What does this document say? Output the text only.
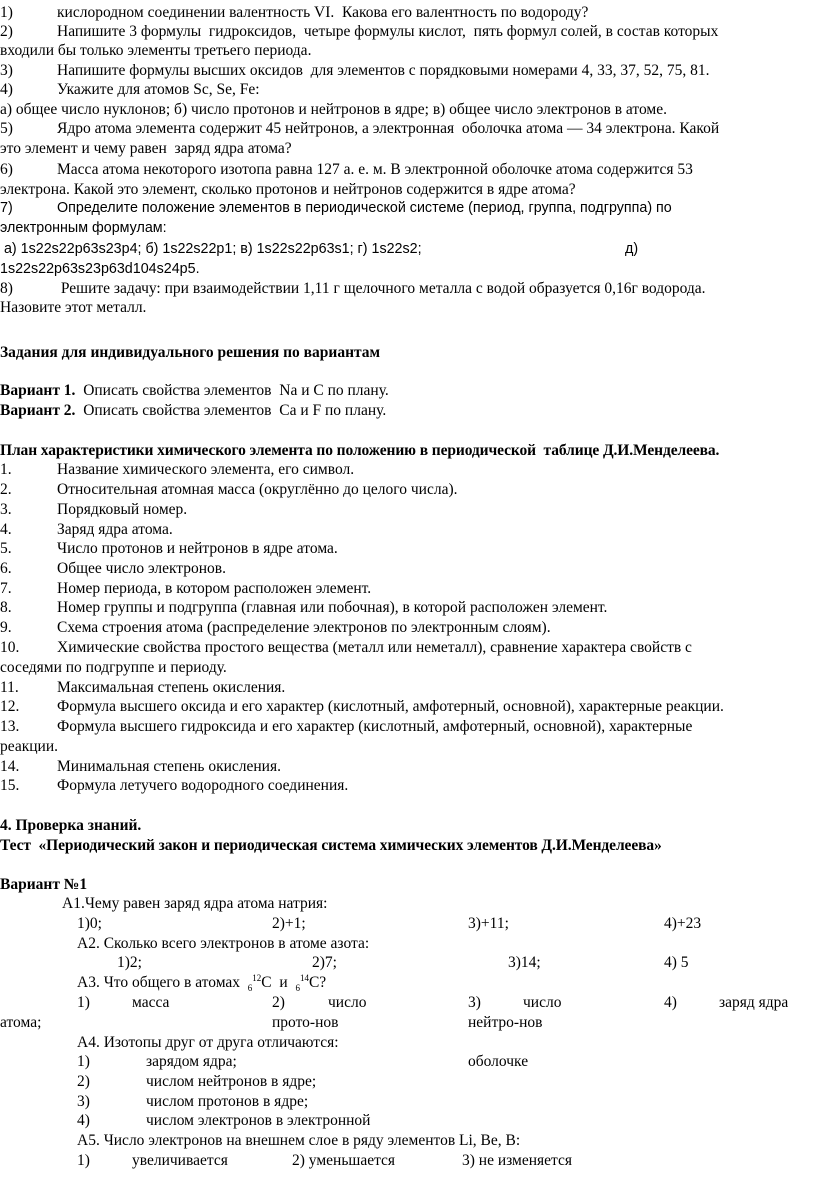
1)	кислородном соединении валентность VI.  Какова его валентность по водороду?
2)	Напишите 3 формулы  гидроксидов,  четыре формулы кислот,  пять формул солей, в состав которых
входили бы только элементы третьего периода.
3)	Напишите формулы высших оксидов  для элементов с порядковыми номерами 4, 33, 37, 52, 75, 81.
4)	Укажите для атомов Sc, Se, Fe:
а) общее число нуклонов; б) число протонов и нейтронов в ядре; в) общее число электронов в атоме.
5)	Ядро атома элемента содержит 45 нейтронов, а электронная  оболочка атома — 34 электрона. Какой
это элемент и чему равен  заряд ядра атома?
6)	Масса атома некоторого изотопа равна 127 а. е. м. В электронной оболочке атома содержится 53
электрона. Какой это элемент, сколько протонов и нейтронов содержится в ядре атома?
7)	Определите положение элементов в периодической системе (период, группа, подгруппа) по
электронным формулам:
а) 1s22s22p63s23p4; б) 1s22s22p1; в) 1s22s22p63s1; г) 1s22s2;	д)
1s22s22p63s23p63d104s24p5.
8)	Решите задачу: при взаимодействии 1,11 г щелочного металла с водой образуется 0,16г водорода.
Назовите этот металл.
Задания для индивидуального решения по вариантам
Вариант 1.  Описать свойства элементов  Na и C по плану.
Вариант 2.  Описать свойства элементов  Ca и F по плану.
План характеристики химического элемента по положению в периодической  таблице Д.И.Менделеева.
1.	Название химического элемента, его символ.
2.	Относительная атомная масса (округлённо до целого числа).
3.	Порядковый номер.
4.	Заряд ядра атома.
5.	Число протонов и нейтронов в ядре атома.
6.	Общее число электронов.
7.	Номер периода, в котором расположен элемент.
8.	Номер группы и подгруппа (главная или побочная), в которой расположен элемент.
9.	Схема строения атома (распределение электронов по электронным слоям).
10. Химические свойства простого вещества (металл или неметалл), сравнение характера свойств с
соседями по подгруппе и периоду.
11. Максимальная степень окисления.
12. Формула высшего оксида и его характер (кислотный, амфотерный, основной), характерные реакции.
13. Формула высшего гидроксида и его характер (кислотный, амфотерный, основной), характерные
реакции.
14. Минимальная степень окисления.
15. Формула летучего водородного соединения.
4. Проверка знаний.
Тест  «Периодический закон и периодическая система химических элементов Д.И.Менделеева»
Вариант №1
А1.Чему равен заряд ядра атома натрия:
1)0;	2)+1;	3)+11;	4)+23
А2. Сколько всего электронов в атоме азота:
1)2;	2)7;	3)14;	4) 5
А3. Что общего в атомах  $_6^{12}$С  и  $_6^{14}$С?
1)	масса	2)	число	3)	число	4)	заряд ядра
атома;	прото-нов	нейтро-нов
А4. Изотопы друг от друга отличаются:
1)	зарядом ядра;	оболочке
2)	числом нейтронов в ядре;
3)	числом протонов в ядре;
4)	числом электронов в электронной
А5. Число электронов на внешнем слое в ряду элементов Li, Be, B:
1)	увеличивается	2) уменьшается	3) не изменяется
